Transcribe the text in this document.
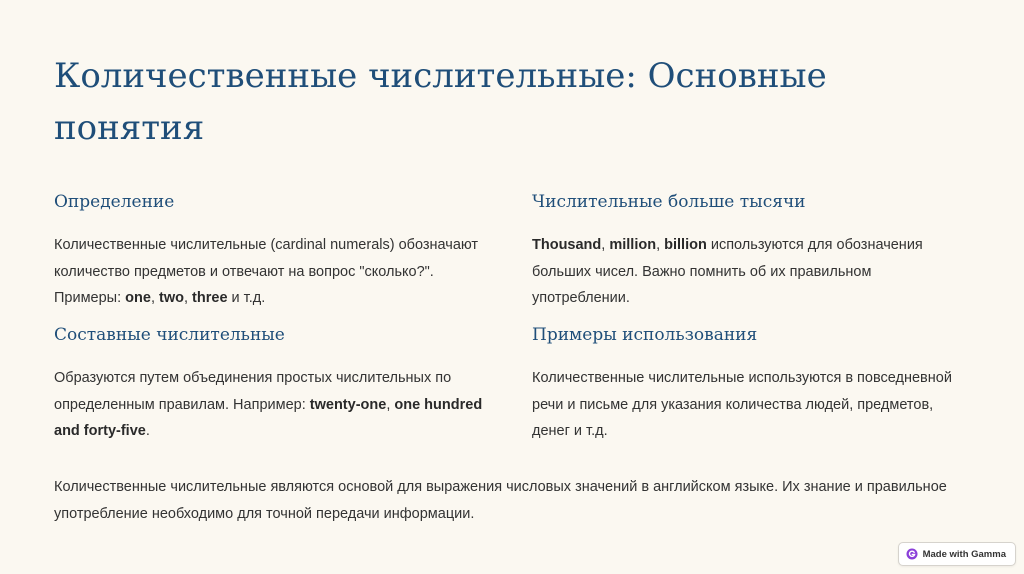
Количественные числительные: Основные понятия
Определение

Количественные числительные (cardinal numerals) обозначают количество предметов и отвечают на вопрос "сколько?". Примеры: one, two, three и т.д.

Числительные больше тысячи

Thousand, million, billion используются для обозначения больших чисел. Важно помнить об их правильном употреблении.

Составные числительные

Образуются путем объединения простых числительных по определенным правилам. Например: twenty-one, one hundred and forty-five.

Примеры использования

Количественные числительные используются в повседневной речи и письме для указания количества людей, предметов, денег и т.д.

Количественные числительные являются основой для выражения числовых значений в английском языке. Их знание и правильное употребление необходимо для точной передачи информации.

Made with Gamma
